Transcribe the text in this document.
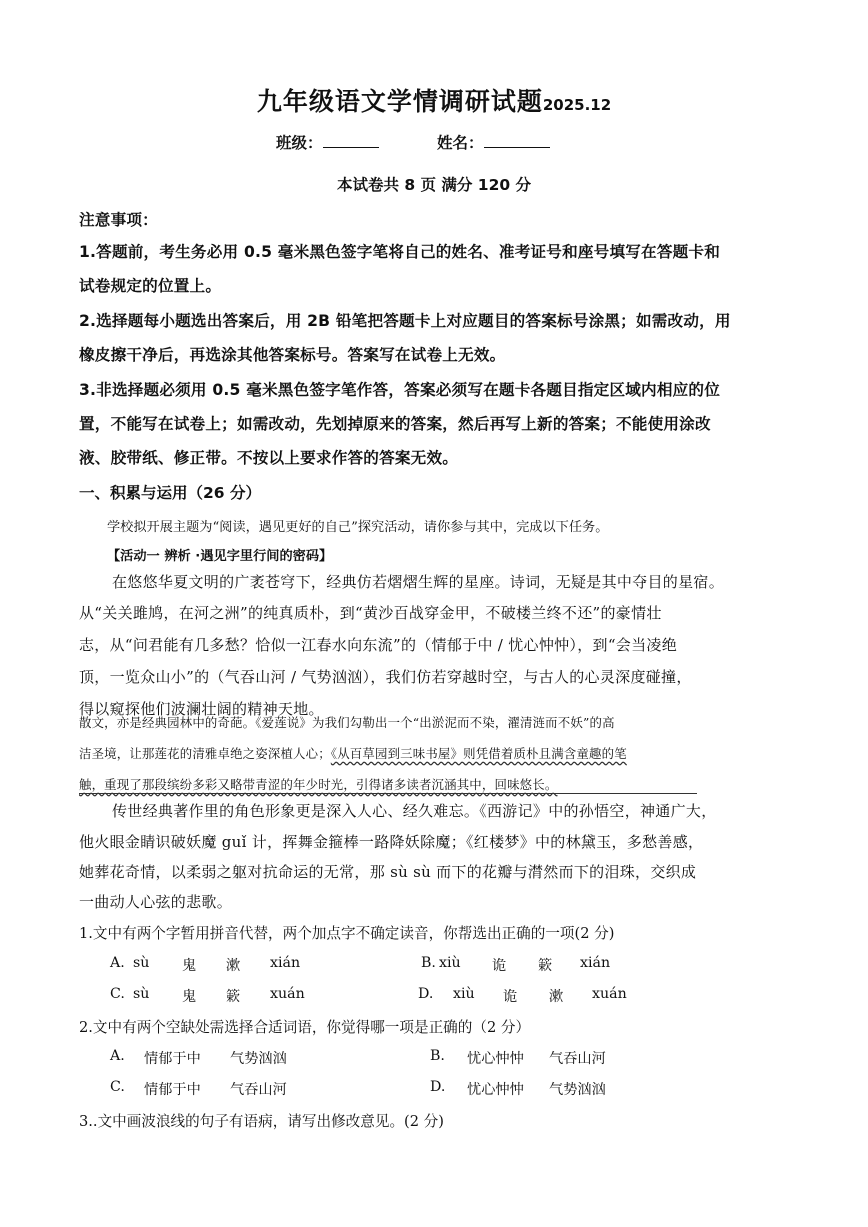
九年级语文学情调研试题2025.12
班级：	姓名：
本试卷共 8 页 满分 120 分
注意事项：
1.答题前，考生务必用 0.5 毫米黑色签字笔将自己的姓名、准考证号和座号填写在答题卡和
试卷规定的位置上。
2.选择题每小题选出答案后，用 2B 铅笔把答题卡上对应题目的答案标号涂黑；如需改动，用
橡皮擦干净后，再选涂其他答案标号。答案写在试卷上无效。
3.非选择题必须用 0.5 毫米黑色签字笔作答，答案必须写在题卡各题目指定区域内相应的位
置，不能写在试卷上；如需改动，先划掉原来的答案，然后再写上新的答案；不能使用涂改
液、胶带纸、修正带。不按以上要求作答的答案无效。
一、积累与运用（26 分）
学校拟开展主题为“阅读，遇见更好的自己”探究活动，请你参与其中，完成以下任务。
【活动一 辨析 ·遇见字里行间的密码】
在悠悠华夏文明的广袤苍穹下，经典仿若熠熠生辉的星座。诗词，无疑是其中夺目的星宿。
从“关关雎鸠，在河之洲”的纯真质朴，到“黄沙百战穿金甲，不破楼兰终不还”的豪情壮
志，从“问君能有几多愁？恰似一江春水向东流”的（情郁于中 / 忧心忡忡），到“会当凌绝
顶，一览众山小”的（气吞山河 / 气势汹汹），我们仿若穿越时空，与古人的心灵深度碰撞，
得以窥探他们波澜壮阔的精神天地。
散文，亦是经典园林中的奇葩。《爱莲说》为我们勾勒出一个“出淤泥而不染，濯清涟而不妖”的高
洁圣境，让那莲花的清雅卓绝之姿深植人心；《从百草园到三味书屋》则凭借着质朴且满含童趣的笔
触，重现了那段缤纷多彩又略带青涩的年少时光，引得诸多读者沉涵其中，回味悠长。
传世经典著作里的角色形象更是深入人心、经久难忘。《西游记》中的孙悟空，神通广大，
他火眼金睛识破妖魔 guǐ 计，挥舞金箍棒一路降妖除魔；《红楼梦》中的林黛玉，多愁善感，
她葬花奇情，以柔弱之躯对抗命运的无常，那 sù sù 而下的花瓣与潸然而下的泪珠，交织成
一曲动人心弦的悲歌。
1.文中有两个字暂用拼音代替，两个加点字不确定读音，你帮选出正确的一项(2 分)
A. sù 鬼 漱 xián	B. xiù 诡 簌 xián
C. sù 鬼 簌 xuán	D. xiù 诡 漱 xuán
2.文中有两个空缺处需选择合适词语，你觉得哪一项是正确的（2 分）
A. 情郁于中 气势汹汹	B. 忧心忡忡 气吞山河
C. 情郁于中 气吞山河	D. 忧心忡忡 气势汹汹
3..文中画波浪线的句子有语病，请写出修改意见。(2 分)
